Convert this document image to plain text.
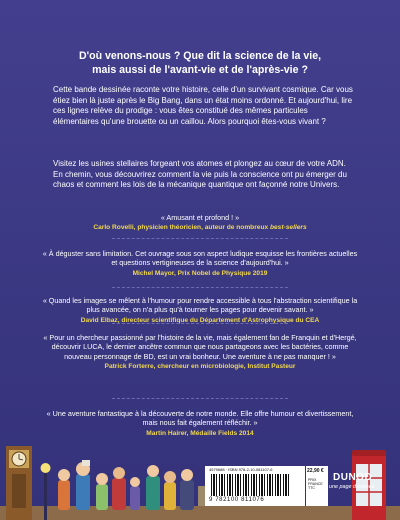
D'où venons-nous ? Que dit la science de la vie,
mais aussi de l'avant-vie et de l'après-vie ?
Cette bande dessinée raconte votre histoire, celle d'un survivant cosmique. Car vous étiez bien là juste après le Big Bang, dans un état moins ordonné. Et aujourd'hui, lire ces lignes relève du prodige : vous êtes constitué des mêmes particules élémentaires qu'une brouette ou un caillou. Alors pourquoi êtes-vous vivant ?
Visitez les usines stellaires forgeant vos atomes et plongez au cœur de votre ADN. En chemin, vous découvrirez comment la vie puis la conscience ont pu émerger du chaos et comment les lois de la mécanique quantique ont façonné notre Univers.
« Amusant et profond ! »
Carlo Rovelli, physicien théoricien, auteur de nombreux best-sellers
« À déguster sans limitation. Cet ouvrage sous son aspect ludique esquisse les frontières actuelles et questions vertigineuses de la science d'aujourd'hui. »
Michel Mayor, Prix Nobel de Physique 2019
« Quand les images se mêlent à l'humour pour rendre accessible à tous l'abstraction scientifique la plus avancée, on n'a plus qu'à tourner les pages pour devenir savant. »
David Elbaz, directeur scientifique du Département d'Astrophysique du CEA
« Pour un chercheur passionné par l'histoire de la vie, mais également fan de Franquin et d'Hergé, découvrir LUCA, le dernier ancêtre commun que nous partageons avec les bactéries, comme nouveau personnage de BD, est un vrai bonheur. Une aventure à ne pas manquer ! »
Patrick Forterre, chercheur en microbiologie, Institut Pasteur
« Une aventure fantastique à la découverte de notre monde. Elle offre humour et divertissement, mais nous fait également réfléchir. »
Martin Hairer, Médaille Fields 2014
4579688 · ISBN 978-2-10-081107-6
9 782100 811076
22,90 €
PRIX FRANCE TTC
DUNOD
une page d'avance
